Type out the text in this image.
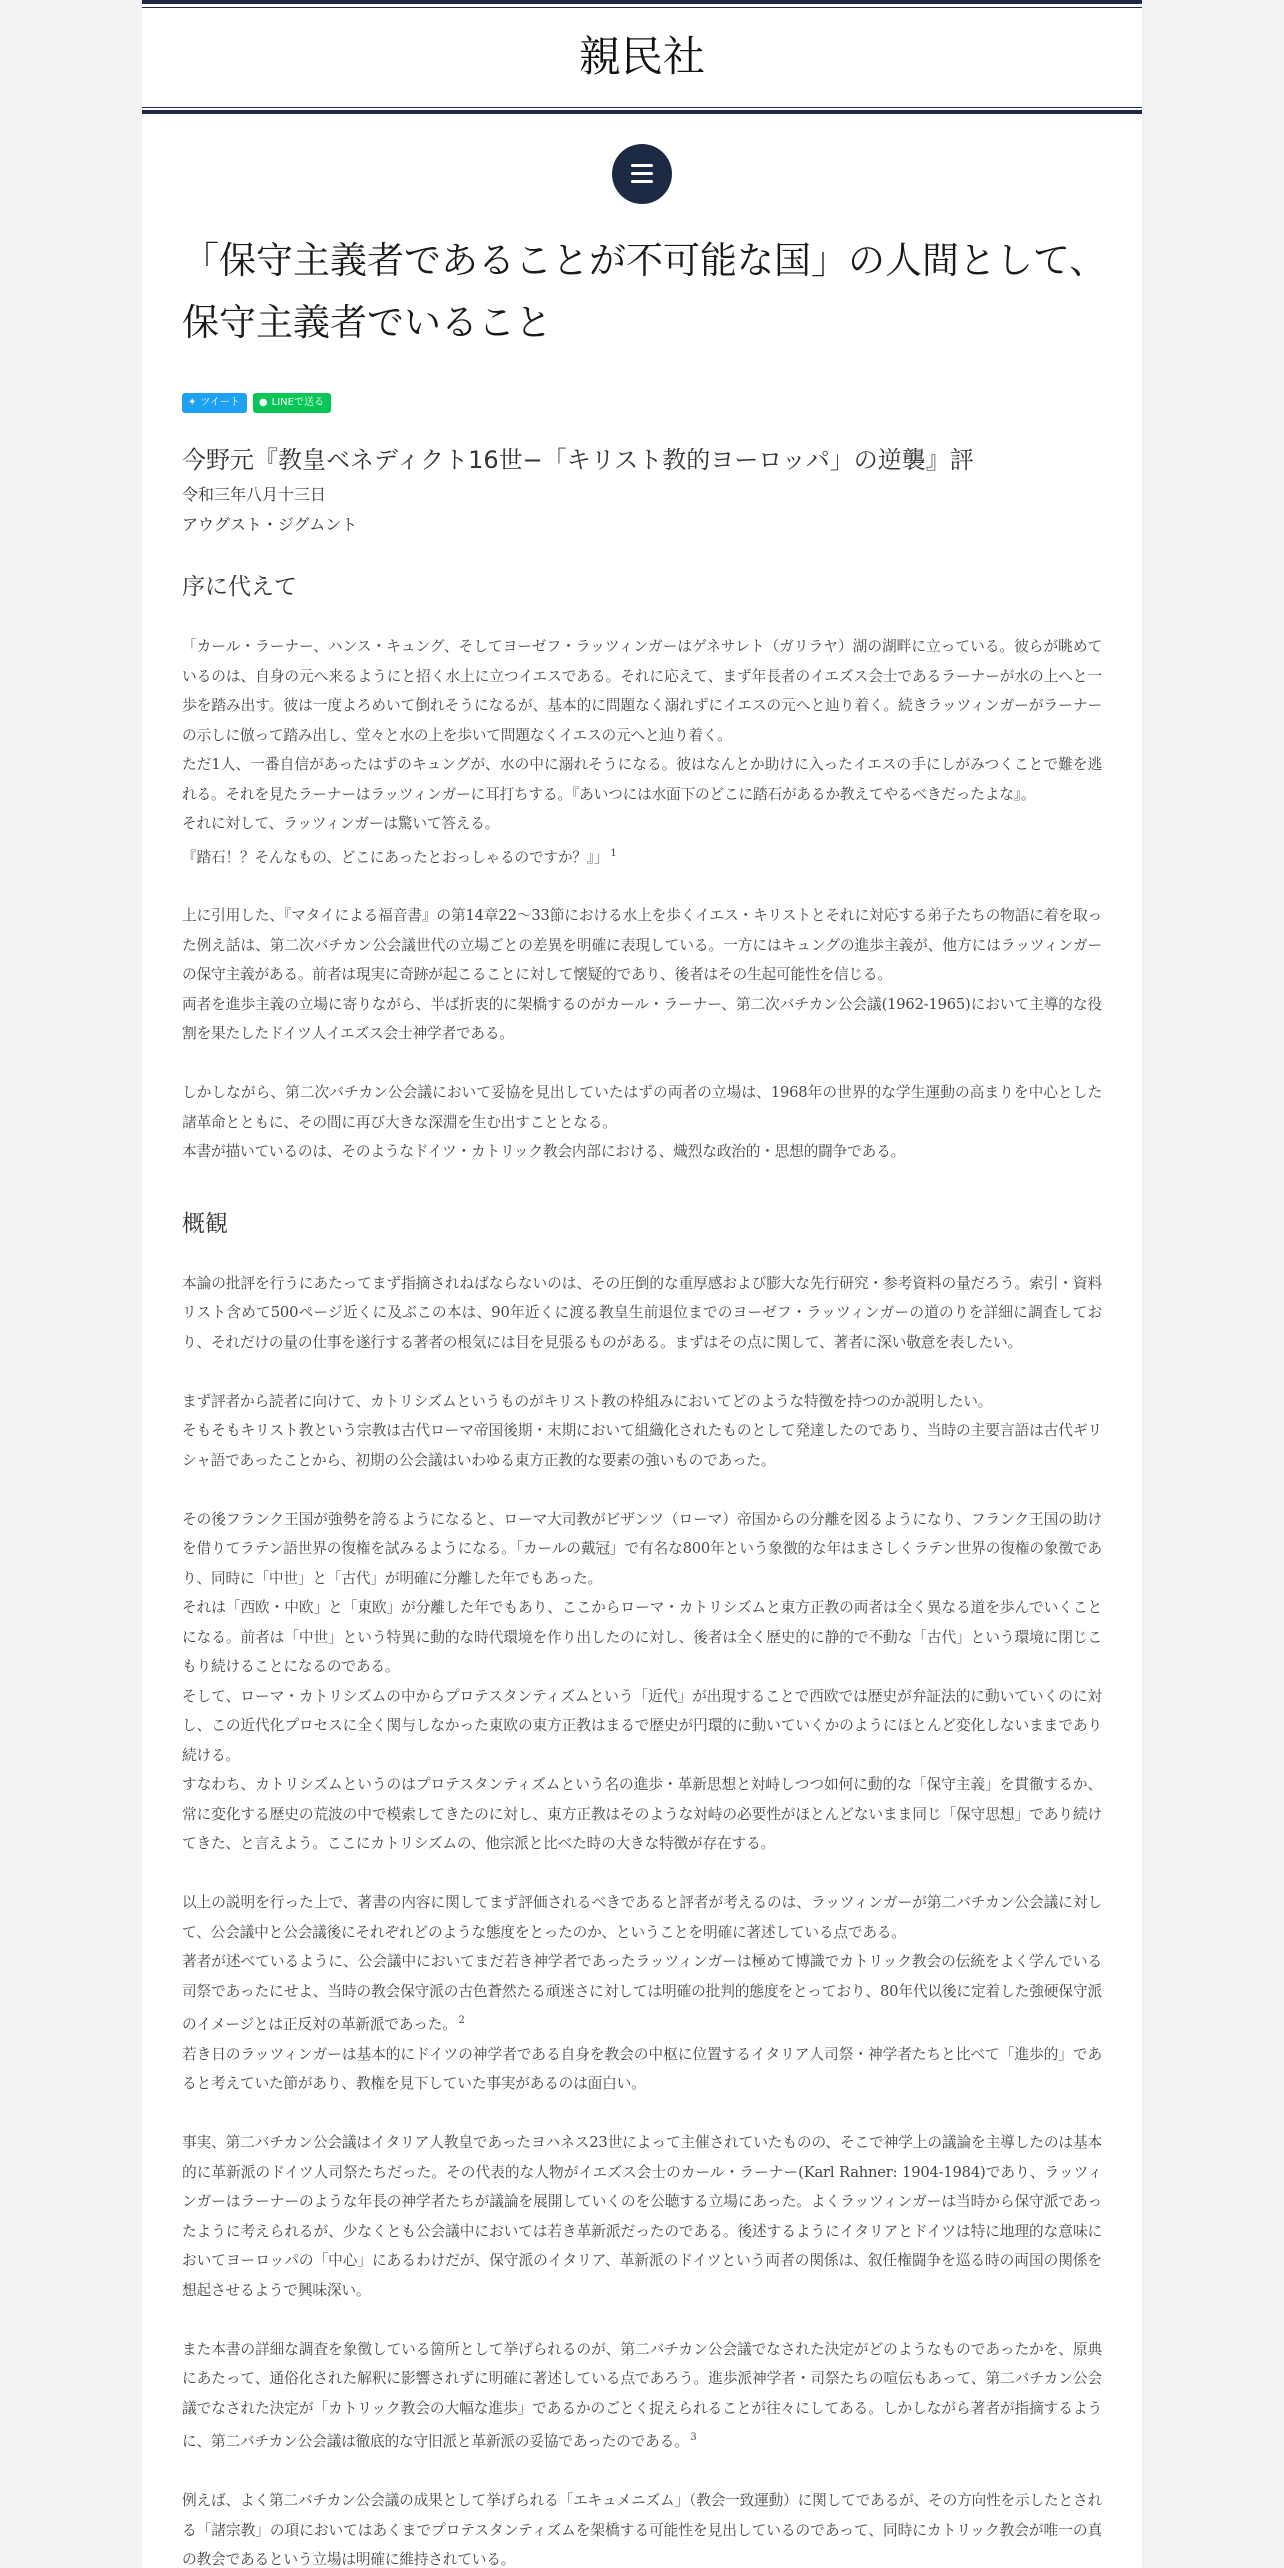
親民社
「保守主義者であることが不可能な国」の人間として、
保守主義者でいること
✦ ツイート ● LINEで送る
今野元『教皇ベネディクト16世−「キリスト教的ヨーロッパ」の逆襲』評
令和三年八月十三日
アウグスト・ジグムント
序に代えて

「カール・ラーナー、ハンス・キュング、そしてヨーゼフ・ラッツィンガーはゲネサレト（ガリラヤ）湖の湖畔に立っている。彼らが眺めているのは、自身の元へ来るようにと招く水上に立つイエスである。それに応えて、まず年長者のイエズス会士であるラーナーが水の上へと一歩を踏み出す。彼は一度よろめいて倒れそうになるが、基本的に問題なく溺れずにイエスの元へと辿り着く。続きラッツィンガーがラーナーの示しに倣って踏み出し、堂々と水の上を歩いて問題なくイエスの元へと辿り着く。

ただ1人、一番自信があったはずのキュングが、水の中に溺れそうになる。彼はなんとか助けに入ったイエスの手にしがみつくことで難を逃れる。それを見たラーナーはラッツィンガーに耳打ちする。『あいつには水面下のどこに踏石があるか教えてやるべきだったよな』。

それに対して、ラッツィンガーは驚いて答える。

『踏石！？そんなもの、どこにあったとおっしゃるのですか？』」 $^1$

上に引用した、『マタイによる福音書』の第14章22〜33節における水上を歩くイエス・キリストとそれに対応する弟子たちの物語に着を取った例え話は、第二次バチカン公会議世代の立場ごとの差異を明確に表現している。一方にはキュングの進歩主義が、他方にはラッツィンガーの保守主義がある。前者は現実に奇跡が起こることに対して懐疑的であり、後者はその生起可能性を信じる。

両者を進歩主義の立場に寄りながら、半ば折衷的に架橋するのがカール・ラーナー、第二次バチカン公会議(1962-1965)において主導的な役割を果たしたドイツ人イエズス会士神学者である。

しかしながら、第二次バチカン公会議において妥協を見出していたはずの両者の立場は、1968年の世界的な学生運動の高まりを中心とした諸革命とともに、その間に再び大きな深淵を生む出すこととなる。

本書が描いているのは、そのようなドイツ・カトリック教会内部における、熾烈な政治的・思想的闘争である。

概観

本論の批評を行うにあたってまず指摘されねばならないのは、その圧倒的な重厚感および膨大な先行研究・参考資料の量だろう。索引・資料リスト含めて500ページ近くに及ぶこの本は、90年近くに渡る教皇生前退位までのヨーゼフ・ラッツィンガーの道のりを詳細に調査しており、それだけの量の仕事を遂行する著者の根気には目を見張るものがある。まずはその点に関して、著者に深い敬意を表したい。

まず評者から読者に向けて、カトリシズムというものがキリスト教の枠組みにおいてどのような特徴を持つのか説明したい。

そもそもキリスト教という宗教は古代ローマ帝国後期・末期において組織化されたものとして発達したのであり、当時の主要言語は古代ギリシャ語であったことから、初期の公会議はいわゆる東方正教的な要素の強いものであった。

その後フランク王国が強勢を誇るようになると、ローマ大司教がビザンツ（ローマ）帝国からの分離を図るようになり、フランク王国の助けを借りてラテン語世界の復権を試みるようになる。「カールの戴冠」で有名な800年という象徴的な年はまさしくラテン世界の復権の象徴であり、同時に「中世」と「古代」が明確に分離した年でもあった。

それは「西欧・中欧」と「東欧」が分離した年でもあり、ここからローマ・カトリシズムと東方正教の両者は全く異なる道を歩んでいくことになる。前者は「中世」という特異に動的な時代環境を作り出したのに対し、後者は全く歴史的に静的で不動な「古代」という環境に閉じこもり続けることになるのである。

そして、ローマ・カトリシズムの中からプロテスタンティズムという「近代」が出現することで西欧では歴史が弁証法的に動いていくのに対し、この近代化プロセスに全く関与しなかった東欧の東方正教はまるで歴史が円環的に動いていくかのようにほとんど変化しないままであり続ける。

すなわち、カトリシズムというのはプロテスタンティズムという名の進歩・革新思想と対峙しつつ如何に動的な「保守主義」を貫徹するか、常に変化する歴史の荒波の中で模索してきたのに対し、東方正教はそのような対峙の必要性がほとんどないまま同じ「保守思想」であり続けてきた、と言えよう。ここにカトリシズムの、他宗派と比べた時の大きな特徴が存在する。

以上の説明を行った上で、著書の内容に関してまず評価されるべきであると評者が考えるのは、ラッツィンガーが第二バチカン公会議に対して、公会議中と公会議後にそれぞれどのような態度をとったのか、ということを明確に著述している点である。

著者が述べているように、公会議中においてまだ若き神学者であったラッツィンガーは極めて博識でカトリック教会の伝統をよく学んでいる司祭であったにせよ、当時の教会保守派の古色蒼然たる頑迷さに対しては明確の批判的態度をとっており、80年代以後に定着した強硬保守派のイメージとは正反対の革新派であった。 $^2$

若き日のラッツィンガーは基本的にドイツの神学者である自身を教会の中枢に位置するイタリア人司祭・神学者たちと比べて「進歩的」であると考えていた節があり、教権を見下していた事実があるのは面白い。

事実、第二バチカン公会議はイタリア人教皇であったヨハネス23世によって主催されていたものの、そこで神学上の議論を主導したのは基本的に革新派のドイツ人司祭たちだった。その代表的な人物がイエズス会士のカール・ラーナー(Karl Rahner: 1904-1984)であり、ラッツィンガーはラーナーのような年長の神学者たちが議論を展開していくのを公聴する立場にあった。よくラッツィンガーは当時から保守派であったように考えられるが、少なくとも公会議中においては若き革新派だったのである。後述するようにイタリアとドイツは特に地理的な意味においてヨーロッパの「中心」にあるわけだが、保守派のイタリア、革新派のドイツという両者の関係は、叙任権闘争を巡る時の両国の関係を想起させるようで興味深い。

また本書の詳細な調査を象徴している箇所として挙げられるのが、第二バチカン公会議でなされた決定がどのようなものであったかを、原典にあたって、通俗化された解釈に影響されずに明確に著述している点であろう。進歩派神学者・司祭たちの喧伝もあって、第二バチカン公会議でなされた決定が「カトリック教会の大幅な進歩」であるかのごとく捉えられることが往々にしてある。しかしながら著者が指摘するように、第二バチカン公会議は徹底的な守旧派と革新派の妥協であったのである。 $^3$

例えば、よく第二バチカン公会議の成果として挙げられる「エキュメニズム」（教会一致運動）に関してであるが、その方向性を示したとされる「諸宗教」の項においてはあくまでプロテスタンティズムを架橋する可能性を見出しているのであって、同時にカトリック教会が唯一の真の教会であるという立場は明確に維持されている。
